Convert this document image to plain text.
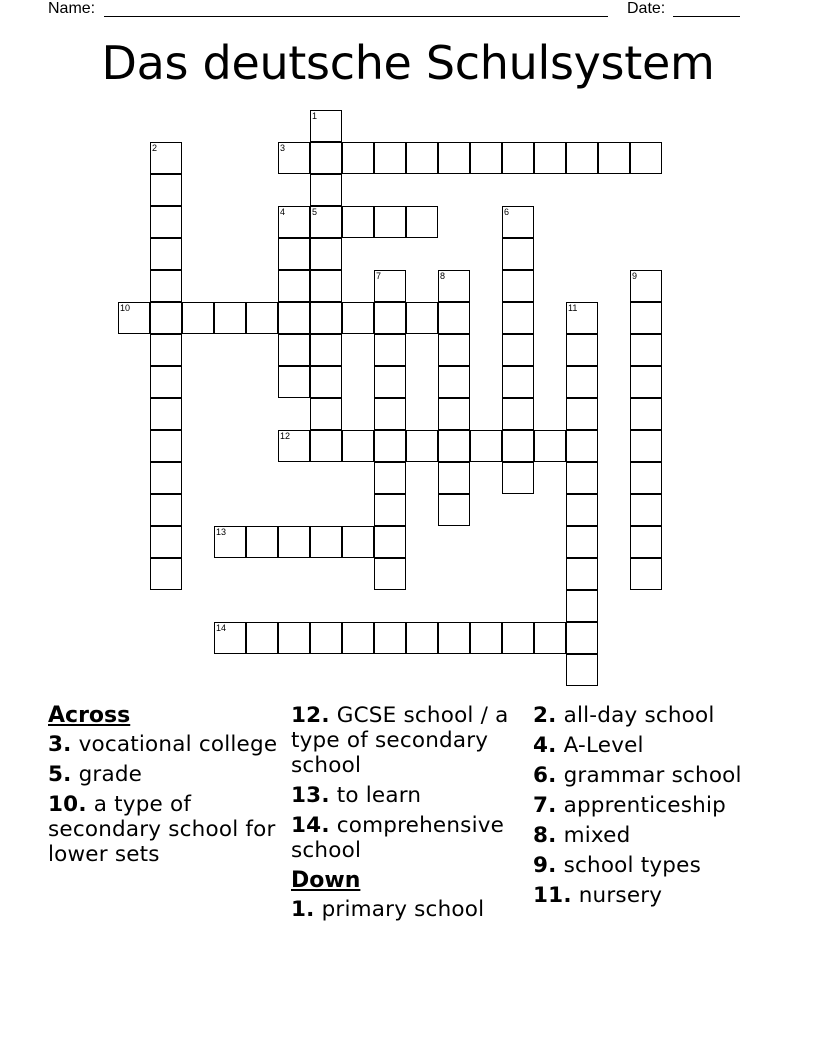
Name:	Date:
Das deutsche Schulsystem
1
5
2	3
4	6
7	8	9
10	11
12
13
14
Across
3. vocational college
5. grade
10. a type of secondary school for lower sets
12. GCSE school / a type of secondary school
13. to learn
14. comprehensive school
Down
1. primary school
2. all-day school
4. A-Level
6. grammar school
7. apprenticeship
8. mixed
9. school types
11. nursery
